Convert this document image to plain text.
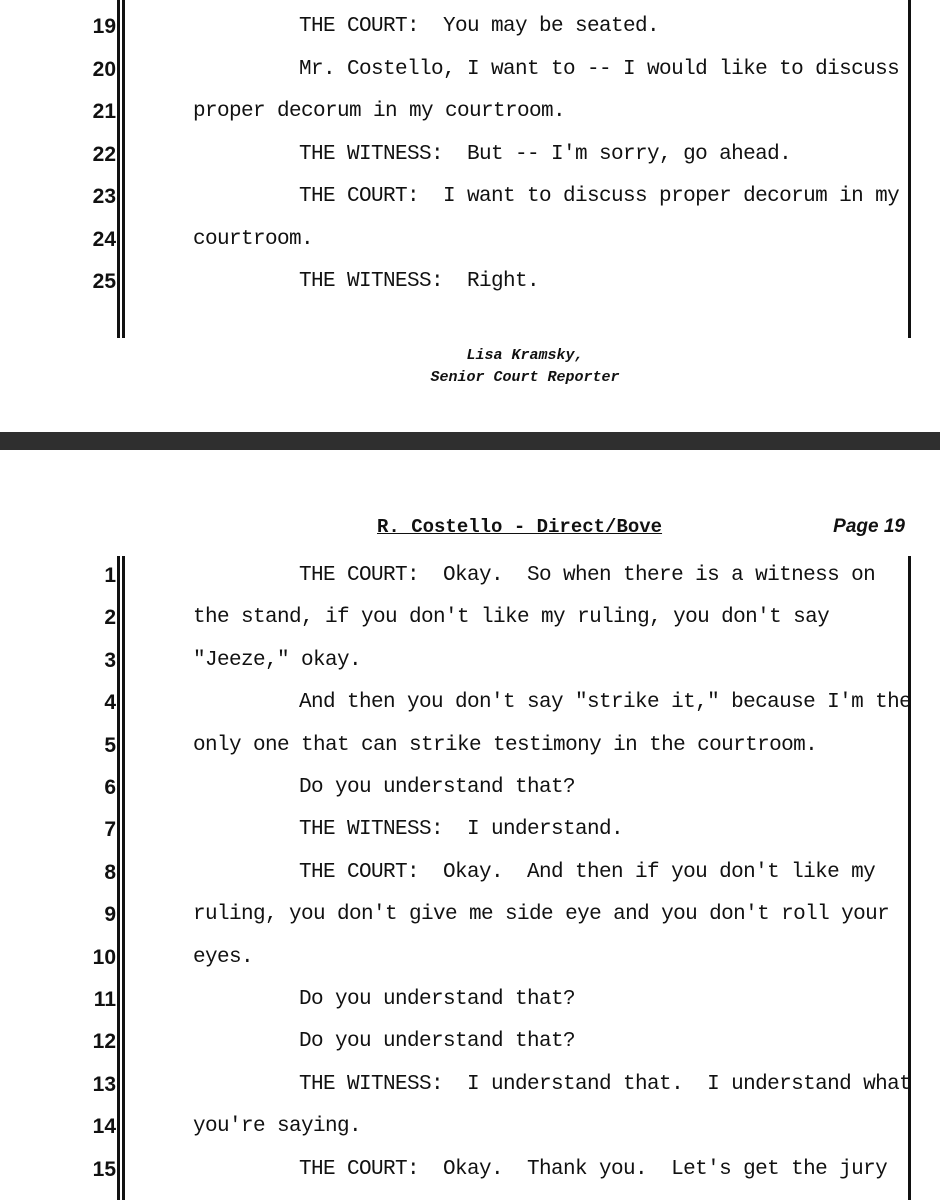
19	THE COURT:  You may be seated.
20	Mr. Costello, I want to -- I would like to discuss
21	proper decorum in my courtroom.
22	THE WITNESS:  But -- I'm sorry, go ahead.
23	THE COURT:  I want to discuss proper decorum in my
24	courtroom.
25	THE WITNESS:  Right.
Lisa Kramsky,
Senior Court Reporter
R. Costello - Direct/Bove	Page 19
1	THE COURT:  Okay.  So when there is a witness on
2	the stand, if you don't like my ruling, you don't say
3	"Jeeze," okay.
4	And then you don't say "strike it," because I'm the
5	only one that can strike testimony in the courtroom.
6	Do you understand that?
7	THE WITNESS:  I understand.
8	THE COURT:  Okay.  And then if you don't like my
9	ruling, you don't give me side eye and you don't roll your
10	eyes.
11	Do you understand that?
12	Do you understand that?
13	THE WITNESS:  I understand that.  I understand what
14	you're saying.
15	THE COURT:  Okay.  Thank you.  Let's get the jury
